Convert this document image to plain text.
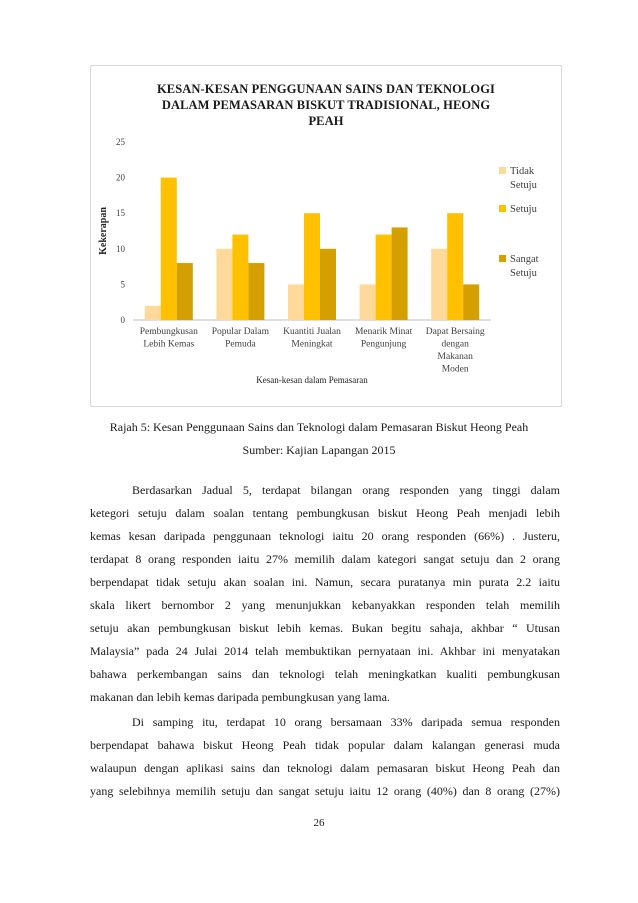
KESAN-KESAN PENGGUNAAN SAINS DAN TEKNOLOGI
DALAM PEMASARAN BISKUT TRADISIONAL, HEONG
PEAH
0
5
10
15
20
25
Kekerapan
Pembungkusan
Lebih Kemas
Popular Dalam
Pemuda
Kuantiti Jualan
Meningkat
Menarik Minat
Pengunjung
Dapat Bersaing
dengan
Makanan
Moden
Kesan-kesan dalam Pemasaran
Tidak
Setuju
Setuju
Sangat
Setuju
Rajah 5: Kesan Penggunaan Sains dan Teknologi dalam Pemasaran Biskut Heong Peah
Sumber: Kajian Lapangan 2015
Berdasarkan Jadual 5, terdapat bilangan orang responden yang tinggi dalam
ketegori setuju dalam soalan tentang pembungkusan biskut Heong Peah menjadi lebih
kemas kesan daripada penggunaan teknologi iaitu 20 orang responden (66%) . Justeru,
terdapat 8 orang responden iaitu 27% memilih dalam kategori sangat setuju dan 2 orang
berpendapat tidak setuju akan soalan ini. Namun, secara puratanya min purata 2.2 iaitu
skala likert bernombor 2 yang menunjukkan kebanyakkan responden telah memilih
setuju akan pembungkusan biskut lebih kemas. Bukan begitu sahaja, akhbar “ Utusan
Malaysia” pada 24 Julai 2014 telah membuktikan pernyataan ini. Akhbar ini menyatakan
bahawa perkembangan sains dan teknologi telah meningkatkan kualiti pembungkusan
makanan dan lebih kemas daripada pembungkusan yang lama.
Di samping itu, terdapat 10 orang bersamaan 33% daripada semua responden
berpendapat bahawa biskut Heong Peah tidak popular dalam kalangan generasi muda
walaupun dengan aplikasi sains dan teknologi dalam pemasaran biskut Heong Peah dan
yang selebihnya memilih setuju dan sangat setuju iaitu 12 orang (40%) dan 8 orang (27%)
26
